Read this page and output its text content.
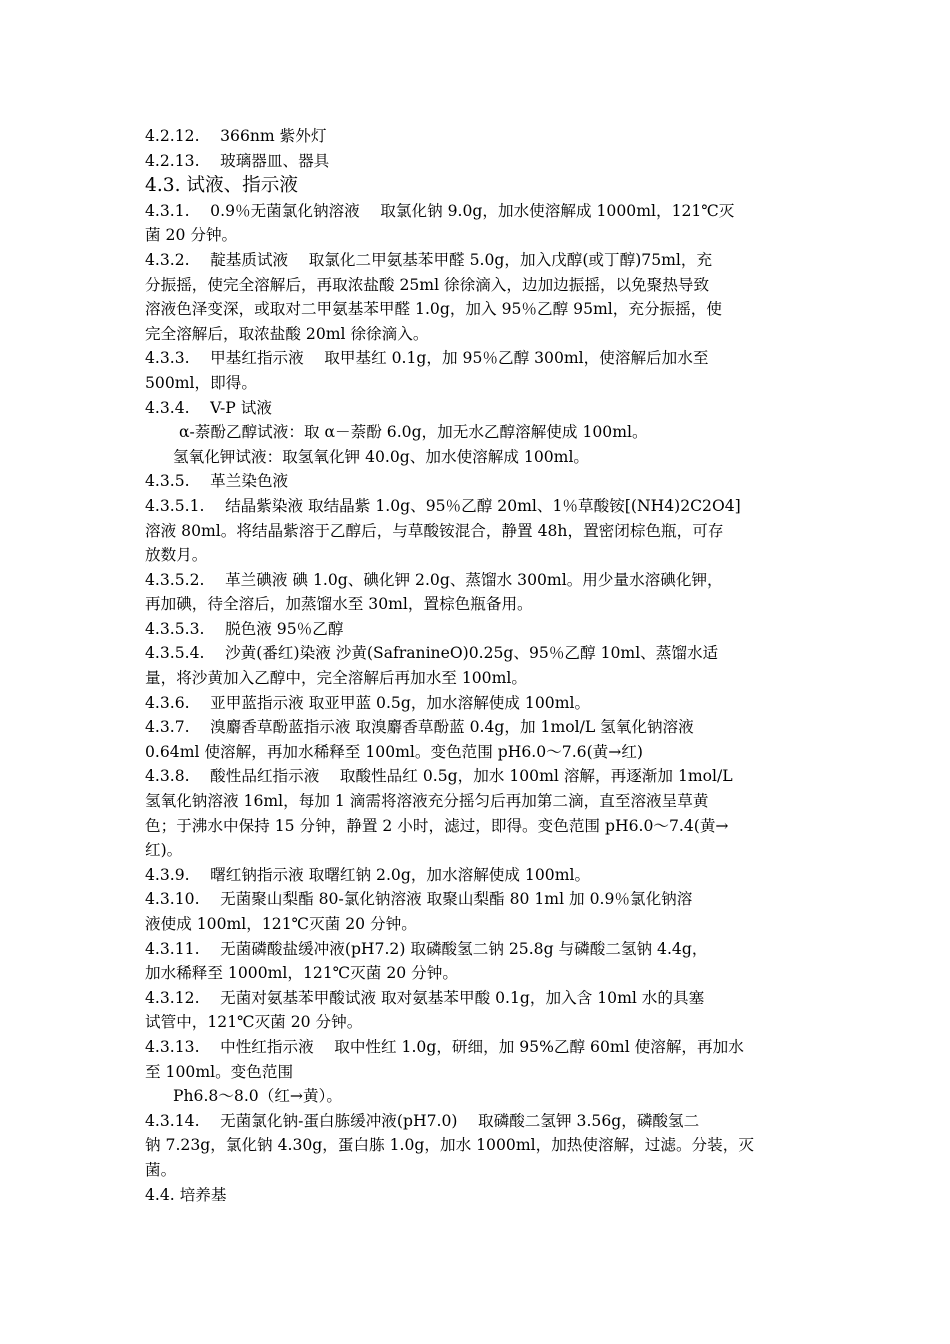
4.2.12.　 366nm 紫外灯
4.2.13.　 玻璃器皿、器具
4.3. 试液、指示液
4.3.1.　 0.9％无菌氯化钠溶液　 取氯化钠 9.0g，加水使溶解成 1000ml，121℃灭
菌 20 分钟。
4.3.2.　 靛基质试液　 取氯化二甲氨基苯甲醛 5.0g，加入戊醇(或丁醇)75ml，充
分振摇，使完全溶解后，再取浓盐酸 25ml 徐徐滴入，边加边振摇，以免聚热导致
溶液色泽变深，或取对二甲氨基苯甲醛 1.0g，加入 95％乙醇 95ml，充分振摇，使
完全溶解后，取浓盐酸 20ml 徐徐滴入。
4.3.3.　 甲基红指示液　 取甲基红 0.1g，加 95％乙醇 300ml，使溶解后加水至
500ml，即得。
4.3.4.　 V-P 试液
α-萘酚乙醇试液：取 α－萘酚 6.0g，加无水乙醇溶解使成 100ml。
氢氧化钾试液：取氢氧化钾 40.0g、加水使溶解成 100ml。
4.3.5.　 革兰染色液
4.3.5.1.　 结晶紫染液 取结晶紫 1.0g、95％乙醇 20ml、1％草酸铵[(NH4)2C2O4]
溶液 80ml。将结晶紫溶于乙醇后，与草酸铵混合，静置 48h，置密闭棕色瓶，可存
放数月。
4.3.5.2.　 革兰碘液 碘 1.0g、碘化钾 2.0g、蒸馏水 300ml。用少量水溶碘化钾，
再加碘，待全溶后，加蒸馏水至 30ml，置棕色瓶备用。
4.3.5.3.　 脱色液 95％乙醇
4.3.5.4.　 沙黄(番红)染液 沙黄(SafranineO)0.25g、95％乙醇 10ml、蒸馏水适
量，将沙黄加入乙醇中，完全溶解后再加水至 100ml。
4.3.6.　 亚甲蓝指示液 取亚甲蓝 0.5g，加水溶解使成 100ml。
4.3.7.　 溴麝香草酚蓝指示液 取溴麝香草酚蓝 0.4g，加 1mol/L 氢氧化钠溶液
0.64ml 使溶解，再加水稀释至 100ml。变色范围 pH6.0～7.6(黄→红)
4.3.8.　 酸性品红指示液　 取酸性品红 0.5g，加水 100ml 溶解，再逐渐加 1mol/L
氢氧化钠溶液 16ml，每加 1 滴需将溶液充分摇匀后再加第二滴，直至溶液呈草黄
色；于沸水中保持 15 分钟，静置 2 小时，滤过，即得。变色范围 pH6.0～7.4(黄→
红)。
4.3.9.　 曙红钠指示液 取曙红钠 2.0g，加水溶解使成 100ml。
4.3.10.　 无菌聚山梨酯 80-氯化钠溶液 取聚山梨酯 80 1ml 加 0.9％氯化钠溶
液使成 100ml，121℃灭菌 20 分钟。
4.3.11.　 无菌磷酸盐缓冲液(pH7.2) 取磷酸氢二钠 25.8g 与磷酸二氢钠 4.4g，
加水稀释至 1000ml，121℃灭菌 20 分钟。
4.3.12.　 无菌对氨基苯甲酸试液 取对氨基苯甲酸 0.1g，加入含 10ml 水的具塞
试管中，121℃灭菌 20 分钟。
4.3.13.　 中性红指示液　 取中性红 1.0g，研细，加 95%乙醇 60ml 使溶解，再加水
至 100ml。变色范围
Ph6.8～8.0（红→黄）。
4.3.14.　 无菌氯化钠-蛋白胨缓冲液(pH7.0)　 取磷酸二氢钾 3.56g，磷酸氢二
钠 7.23g，氯化钠 4.30g，蛋白胨 1.0g，加水 1000ml，加热使溶解，过滤。分装，灭
菌。
4.4. 培养基
